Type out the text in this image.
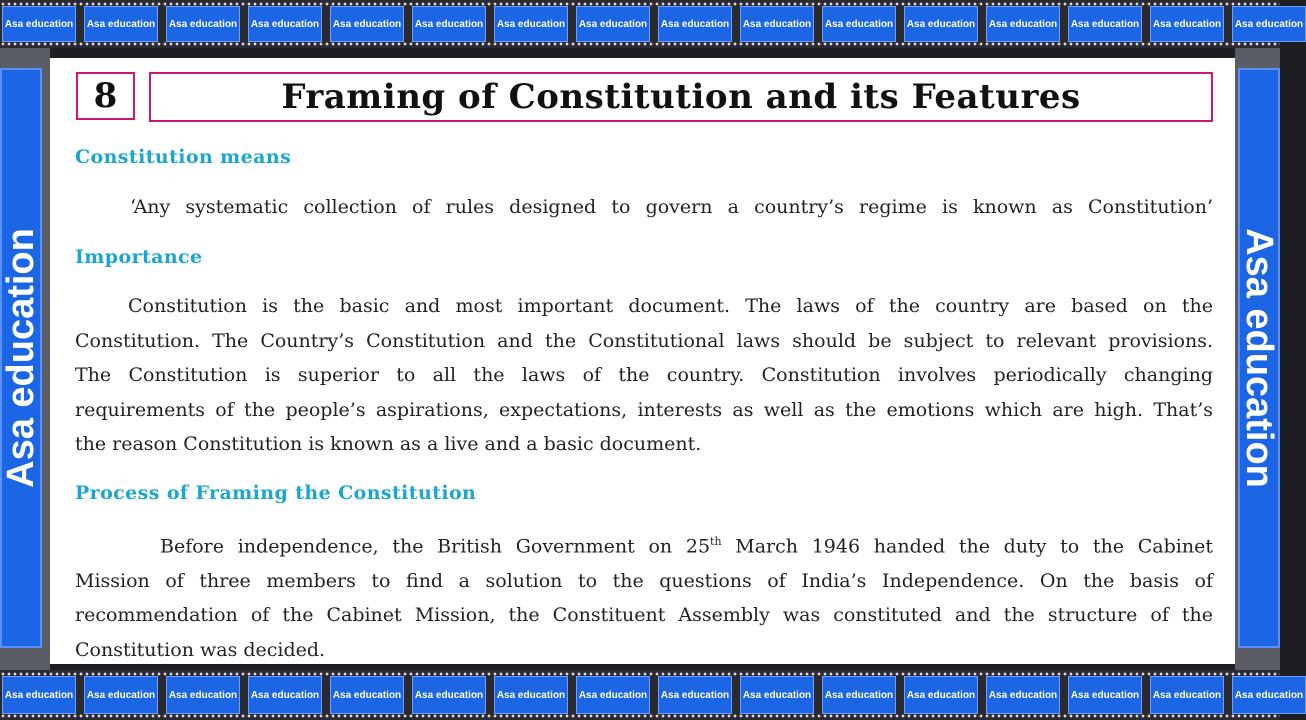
Asa education Asa education Asa education Asa education Asa education Asa education Asa education Asa education Asa education Asa education Asa education Asa education Asa education Asa education Asa education Asa education
Asa education	Asa education
8	Framing of Constitution and its Features
Constitution means
‘Any systematic collection of rules designed to govern a country’s regime is known as Constitution’
Importance
Constitution is the basic and most important document. The laws of the country are based on the
Constitution. The Country’s Constitution and the Constitutional laws should be subject to relevant provisions.
The Constitution is superior to all the laws of the country. Constitution involves periodically changing
requirements of the people’s aspirations, expectations, interests as well as the emotions which are high. That’s
the reason Constitution is known as a live and a basic document.
Process of Framing the Constitution
Before independence, the British Government on 25th March 1946 handed the duty to the Cabinet
Mission of three members to find a solution to the questions of India’s Independence. On the basis of
recommendation of the Cabinet Mission, the Constituent Assembly was constituted and the structure of the
Constitution was decided.
Asa education Asa education Asa education Asa education Asa education Asa education Asa education Asa education Asa education Asa education Asa education Asa education Asa education Asa education Asa education Asa education
